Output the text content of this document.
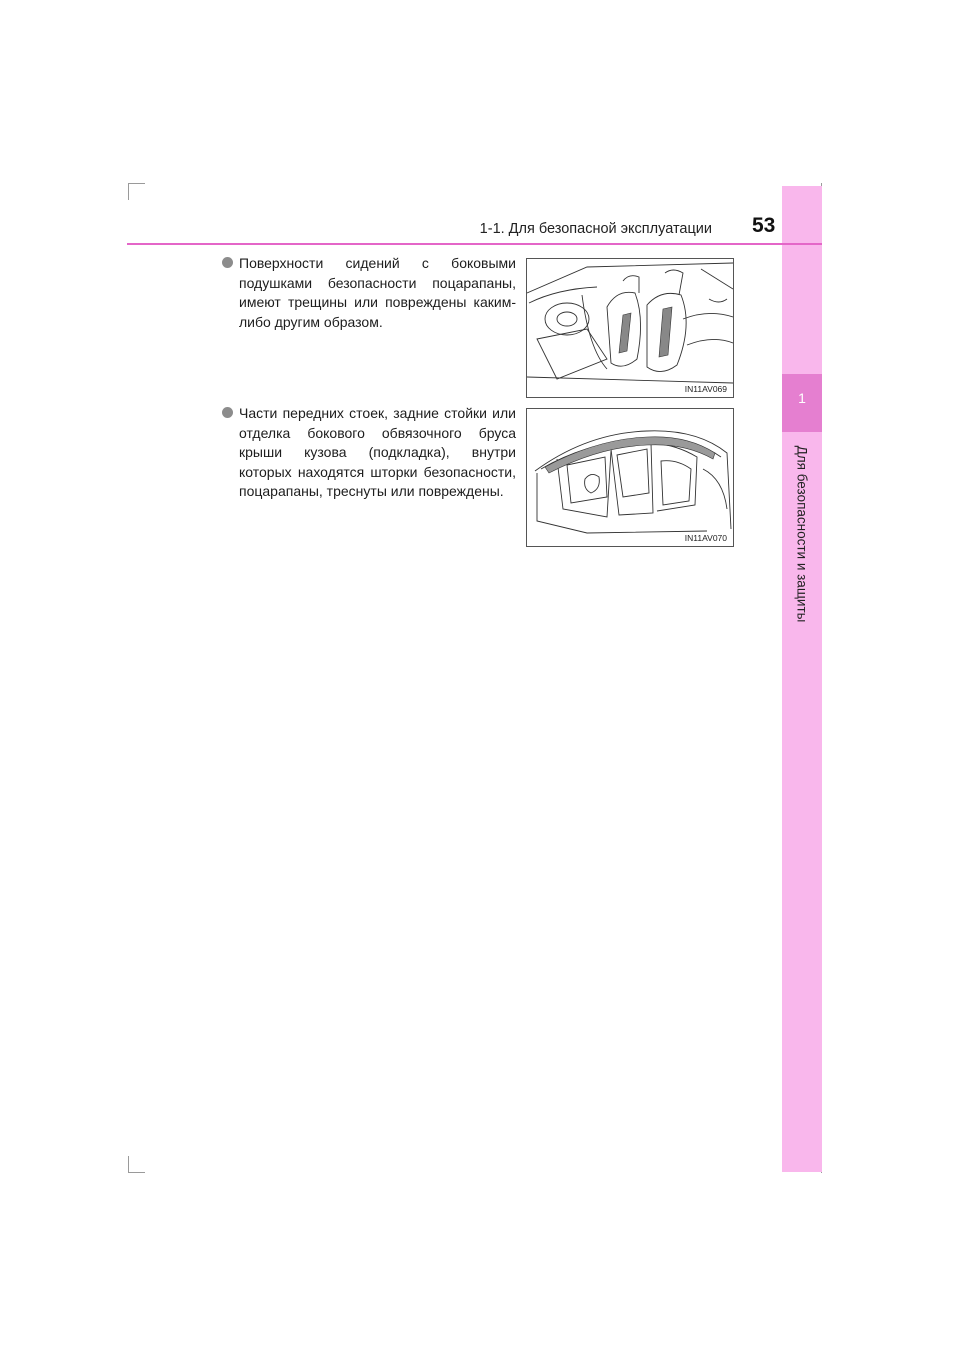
1
Для безопасности и защиты
1-1. Для безопасной эксплуатации 53
Поверхности сидений с боковыми подушками безопасности поцарапаны, имеют трещины или повреждены каким-либо другим образом.
IN11AV069
Части передних стоек, задние стойки или отделка бокового обвязочного бруса крыши кузова (подкладка), внутри которых находятся шторки безопасности, поцарапаны, треснуты или повреждены.
IN11AV070
